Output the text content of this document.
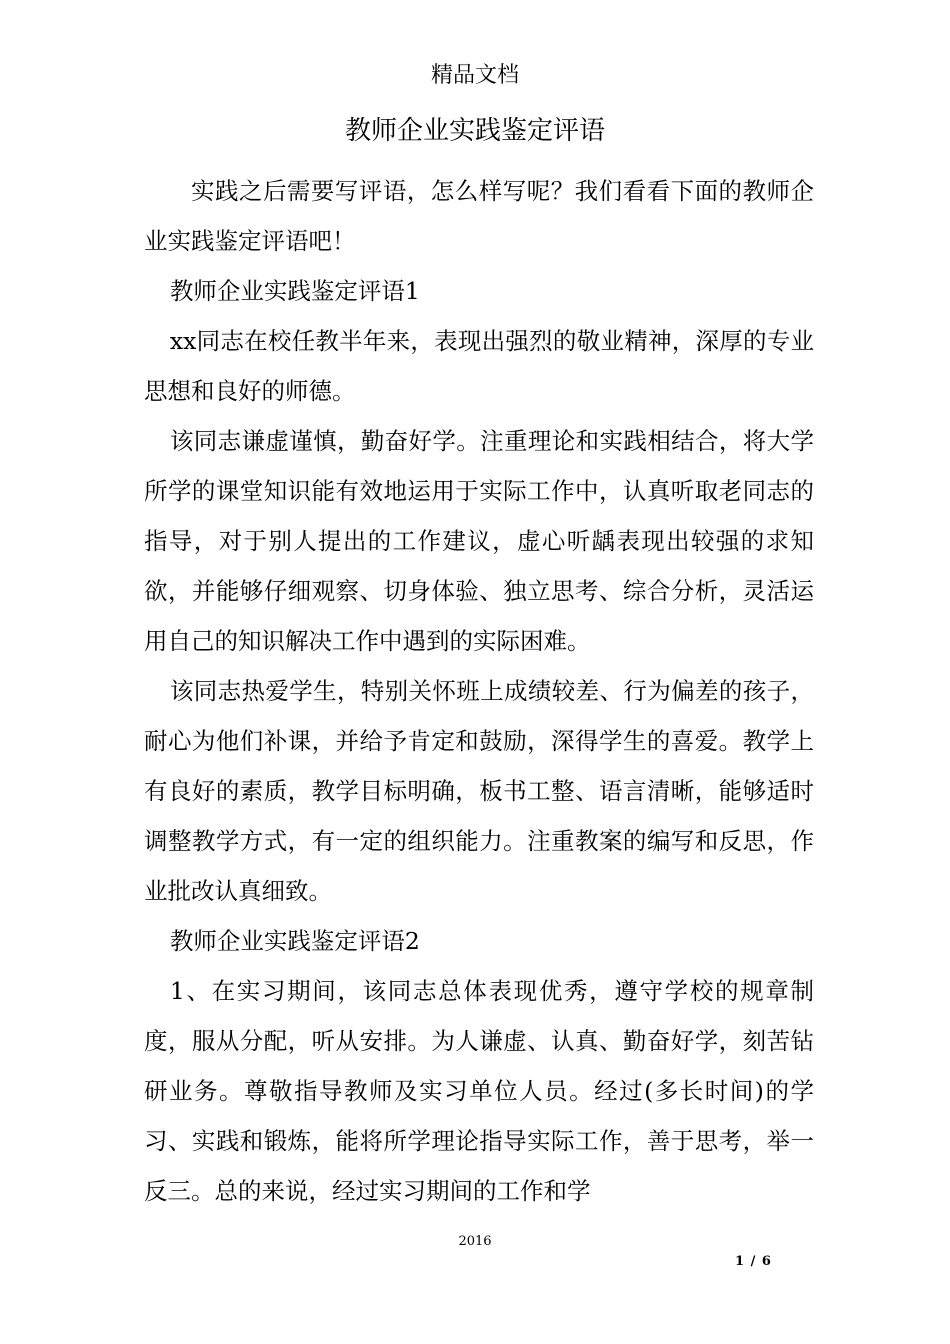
精品文档
教师企业实践鉴定评语

实践之后需要写评语，怎么样写呢？我们看看下面的教师企业实践鉴定评语吧！

教师企业实践鉴定评语1

xx同志在校任教半年来，表现出强烈的敬业精神，深厚的专业思想和良好的师德。

该同志谦虚谨慎，勤奋好学。注重理论和实践相结合，将大学所学的课堂知识能有效地运用于实际工作中，认真听取老同志的指导，对于别人提出的工作建议，虚心听龋表现出较强的求知欲，并能够仔细观察、切身体验、独立思考、综合分析，灵活运用自己的知识解决工作中遇到的实际困难。

该同志热爱学生，特别关怀班上成绩较差、行为偏差的孩子，耐心为他们补课，并给予肯定和鼓励，深得学生的喜爱。教学上有良好的素质，教学目标明确，板书工整、语言清晰，能够适时调整教学方式，有一定的组织能力。注重教案的编写和反思，作业批改认真细致。

教师企业实践鉴定评语2

1、在实习期间，该同志总体表现优秀，遵守学校的规章制度，服从分配，听从安排。为人谦虚、认真、勤奋好学，刻苦钻研业务。尊敬指导教师及实习单位人员。经过(多长时间)的学习、实践和锻炼，能将所学理论指导实际工作，善于思考，举一反三。总的来说，经过实习期间的工作和学

2016
1 / 6
